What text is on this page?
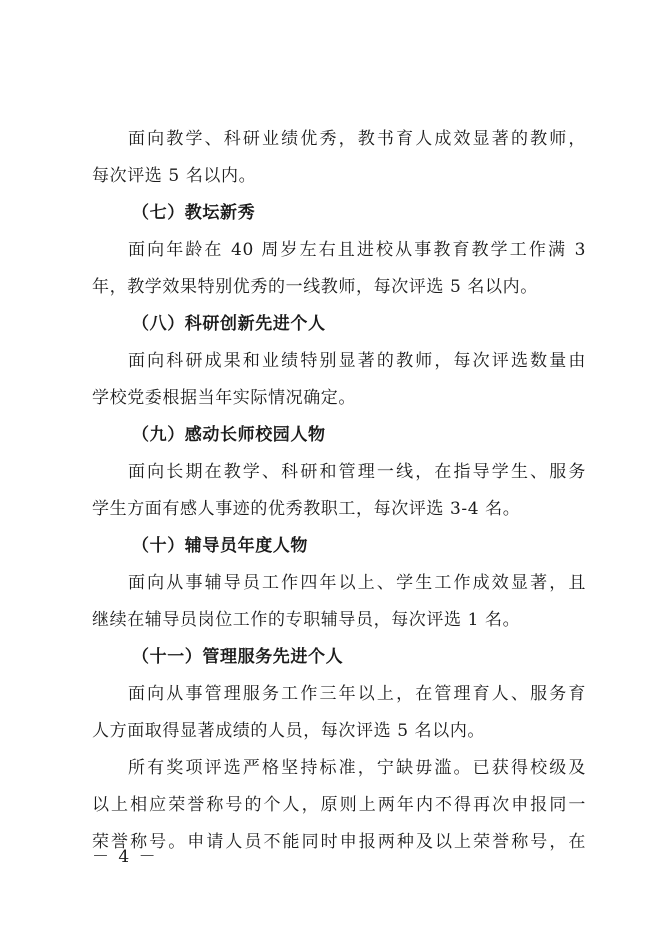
面向教学、科研业绩优秀，教书育人成效显著的教师，
每次评选 5 名以内。
（七）教坛新秀
面向年龄在 40 周岁左右且进校从事教育教学工作满 3
年，教学效果特别优秀的一线教师，每次评选 5 名以内。
（八）科研创新先进个人
面向科研成果和业绩特别显著的教师，每次评选数量由
学校党委根据当年实际情况确定。
（九）感动长师校园人物
面向长期在教学、科研和管理一线，在指导学生、服务
学生方面有感人事迹的优秀教职工，每次评选 3-4 名。
（十）辅导员年度人物
面向从事辅导员工作四年以上、学生工作成效显著，且
继续在辅导员岗位工作的专职辅导员，每次评选 1 名。
（十一）管理服务先进个人
面向从事管理服务工作三年以上，在管理育人、服务育
人方面取得显著成绩的人员，每次评选 5 名以内。
所有奖项评选严格坚持标准，宁缺毋滥。已获得校级及
以上相应荣誉称号的个人，原则上两年内不得再次申报同一
荣誉称号。申请人员不能同时申报两种及以上荣誉称号，在
－ 4 －
